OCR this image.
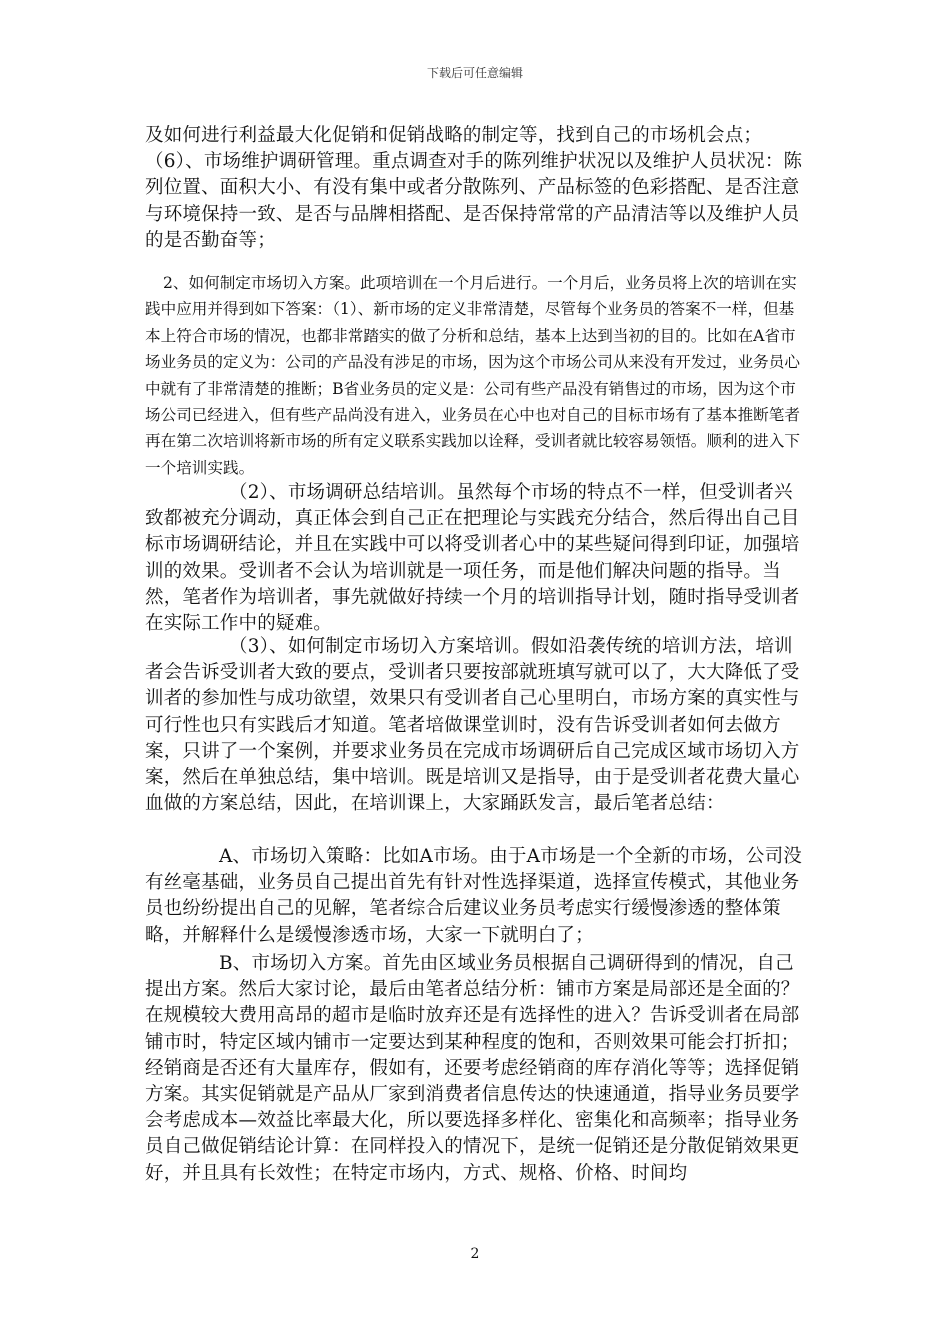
下载后可任意编辑

及如何进行利益最大化促销和促销战略的制定等，找到自己的市场机会点；（6）、市场维护调研管理。重点调查对手的陈列维护状况以及维护人员状况：陈列位置、面积大小、有没有集中或者分散陈列、产品标签的色彩搭配、是否注意与环境保持一致、是否与品牌相搭配、是否保持常常的产品清洁等以及维护人员的是否勤奋等；

2、如何制定市场切入方案。此项培训在一个月后进行。一个月后，业务员将上次的培训在实践中应用并得到如下答案：（1）、新市场的定义非常清楚，尽管每个业务员的答案不一样，但基本上符合市场的情况，也都非常踏实的做了分析和总结，基本上达到当初的目的。比如在A省市场业务员的定义为：公司的产品没有涉足的市场，因为这个市场公司从来没有开发过，业务员心中就有了非常清楚的推断；B省业务员的定义是：公司有些产品没有销售过的市场，因为这个市场公司已经进入，但有些产品尚没有进入，业务员在心中也对自己的目标市场有了基本推断笔者再在第二次培训将新市场的所有定义联系实践加以诠释，受训者就比较容易领悟。顺利的进入下一个培训实践。

（2）、市场调研总结培训。虽然每个市场的特点不一样，但受训者兴致都被充分调动，真正体会到自己正在把理论与实践充分结合，然后得出自己目标市场调研结论，并且在实践中可以将受训者心中的某些疑问得到印证，加强培训的效果。受训者不会认为培训就是一项任务，而是他们解决问题的指导。当然，笔者作为培训者，事先就做好持续一个月的培训指导计划，随时指导受训者在实际工作中的疑难。

（3）、如何制定市场切入方案培训。假如沿袭传统的培训方法，培训者会告诉受训者大致的要点，受训者只要按部就班填写就可以了，大大降低了受训者的参加性与成功欲望，效果只有受训者自己心里明白，市场方案的真实性与可行性也只有实践后才知道。笔者培做课堂训时，没有告诉受训者如何去做方案，只讲了一个案例，并要求业务员在完成市场调研后自己完成区域市场切入方案，然后在单独总结，集中培训。既是培训又是指导，由于是受训者花费大量心血做的方案总结，因此，在培训课上，大家踊跃发言，最后笔者总结：

A、市场切入策略：比如A市场。由于A市场是一个全新的市场，公司没有丝毫基础，业务员自己提出首先有针对性选择渠道，选择宣传模式，其他业务员也纷纷提出自己的见解，笔者综合后建议业务员考虑实行缓慢渗透的整体策略，并解释什么是缓慢渗透市场，大家一下就明白了；

B、市场切入方案。首先由区域业务员根据自己调研得到的情况，自己提出方案。然后大家讨论，最后由笔者总结分析：铺市方案是局部还是全面的？在规模较大费用高昂的超市是临时放弃还是有选择性的进入？告诉受训者在局部铺市时，特定区域内铺市一定要达到某种程度的饱和，否则效果可能会打折扣；经销商是否还有大量库存，假如有，还要考虑经销商的库存消化等等；选择促销方案。其实促销就是产品从厂家到消费者信息传达的快速通道，指导业务员要学会考虑成本—效益比率最大化，所以要选择多样化、密集化和高频率；指导业务员自己做促销结论计算：在同样投入的情况下，是统一促销还是分散促销效果更好，并且具有长效性；在特定市场内，方式、规格、价格、时间均

2
